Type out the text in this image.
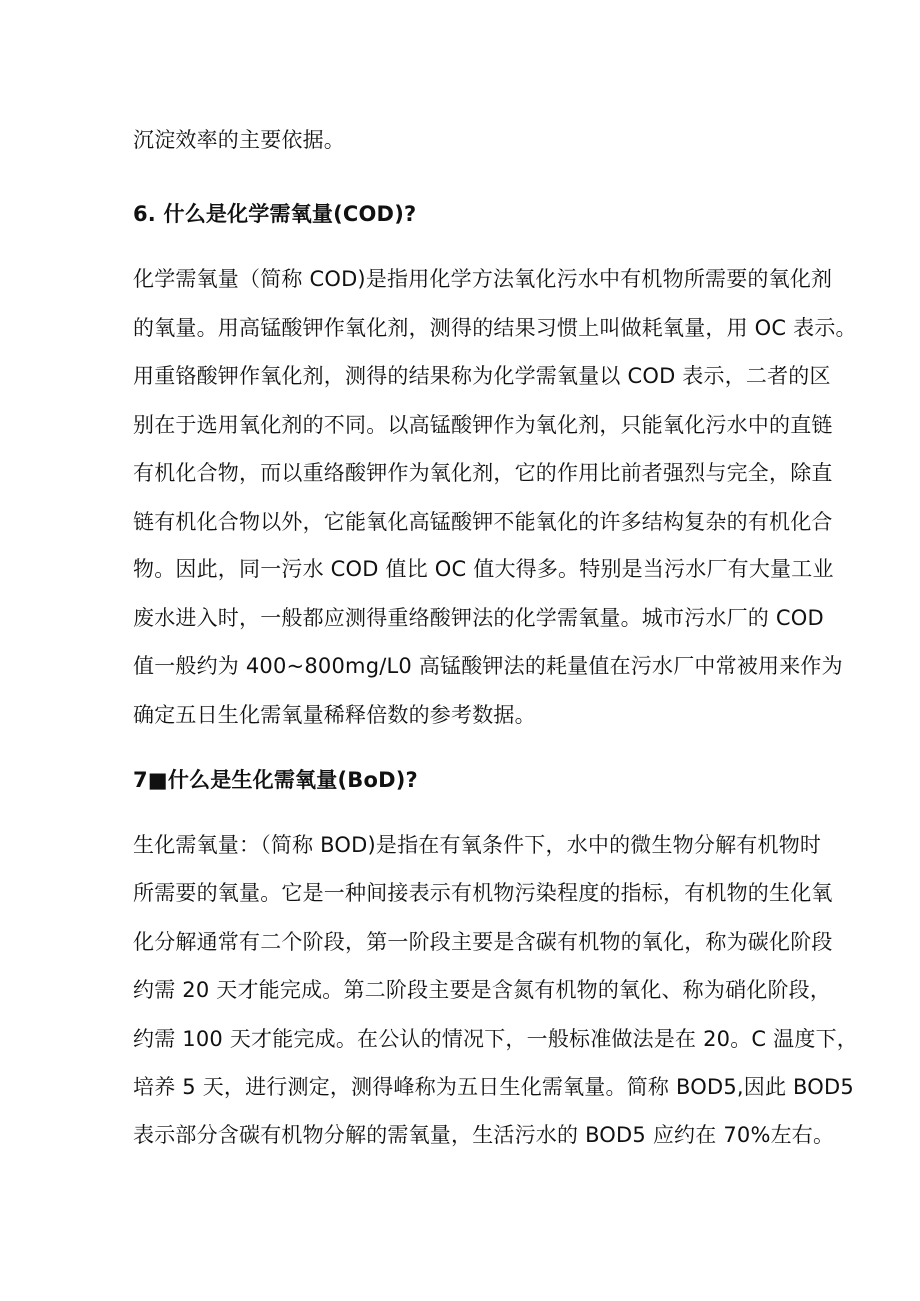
沉淀效率的主要依据。
6. 什么是化学需氧量(COD)?
化学需氧量（简称 COD)是指用化学方法氧化污水中有机物所需要的氧化剂
的氧量。用高锰酸钾作氧化剂，测得的结果习惯上叫做耗氧量，用 OC 表示。
用重铬酸钾作氧化剂，测得的结果称为化学需氧量以 COD 表示，二者的区
别在于选用氧化剂的不同。以高锰酸钾作为氧化剂，只能氧化污水中的直链
有机化合物，而以重络酸钾作为氧化剂，它的作用比前者强烈与完全，除直
链有机化合物以外，它能氧化高锰酸钾不能氧化的许多结构复杂的有机化合
物。因此，同一污水 COD 值比 OC 值大得多。特别是当污水厂有大量工业
废水进入时，一般都应测得重络酸钾法的化学需氧量。城市污水厂的 COD
值一般约为 400~800mg∕L0 高锰酸钾法的耗量值在污水厂中常被用来作为
确定五日生化需氧量稀释倍数的参考数据。
7■什么是生化需氧量(BoD)?
生化需氧量：（简称 BOD)是指在有氧条件下，水中的微生物分解有机物时
所需要的氧量。它是一种间接表示有机物污染程度的指标，有机物的生化氧
化分解通常有二个阶段，第一阶段主要是含碳有机物的氧化，称为碳化阶段
约需 20 天才能完成。第二阶段主要是含氮有机物的氧化、称为硝化阶段，
约需 100 天才能完成。在公认的情况下，一般标准做法是在 20。C 温度下，
培养 5 天，进行测定，测得峰称为五日生化需氧量。简称 BOD5,因此 BOD5
表示部分含碳有机物分解的需氧量，生活污水的 BOD5 应约在 70%左右。
